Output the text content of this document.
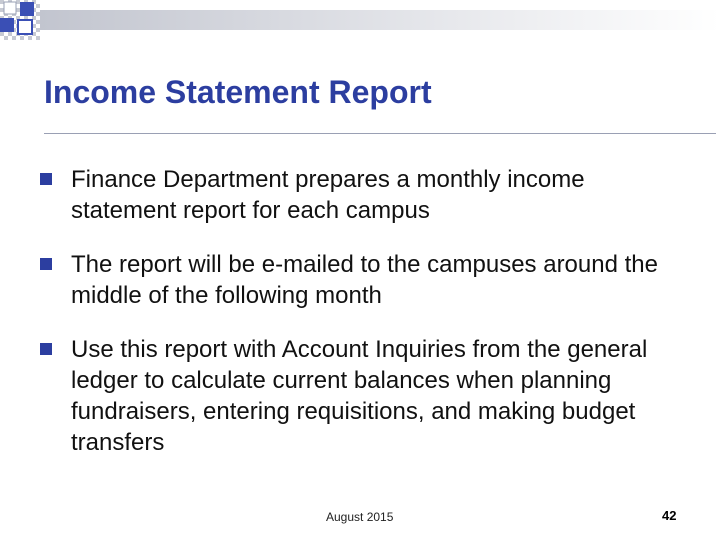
Income Statement Report
Finance Department prepares a monthly income statement report for each campus
The report will be e-mailed to the campuses around the middle of the following month
Use this report with Account Inquiries from the general ledger to calculate current balances when planning fundraisers, entering requisitions, and making budget transfers
August 2015	42
